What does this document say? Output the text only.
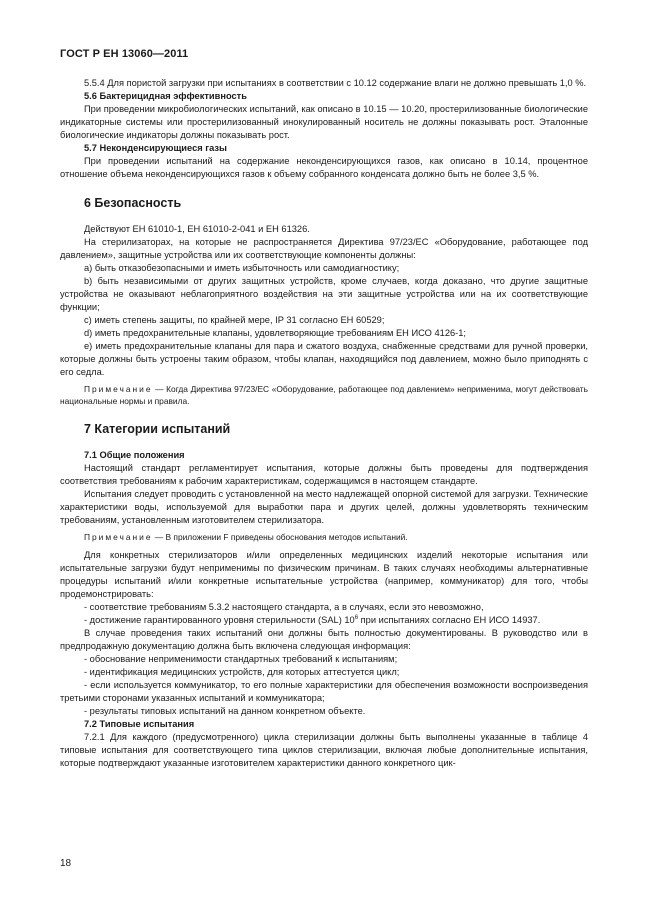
ГОСТ Р ЕН 13060—2011

5.5.4 Для пористой загрузки при испытаниях в соответствии с 10.12 содержание влаги не должно превышать 1,0 %.

5.6 Бактерицидная эффективность

При проведении микробиологических испытаний, как описано в 10.15 — 10.20, простерилизованные биологические индикаторные системы или простерилизованный инокулированный носитель не должны показывать рост. Эталонные биологические индикаторы должны показывать рост.

5.7 Неконденсирующиеся газы

При проведении испытаний на содержание неконденсирующихся газов, как описано в 10.14, процентное отношение объема неконденсирующихся газов к объему собранного конденсата должно быть не более 3,5 %.

6 Безопасность

Действуют ЕН 61010-1, ЕН 61010-2-041 и ЕН 61326.

На стерилизаторах, на которые не распространяется Директива 97/23/ЕС «Оборудование, работающее под давлением», защитные устройства или их соответствующие компоненты должны:

a) быть отказобезопасными и иметь избыточность или самодиагностику;

b) быть независимыми от других защитных устройств, кроме случаев, когда доказано, что другие защитные устройства не оказывают неблагоприятного воздействия на эти защитные устройства или на их соответствующие функции;

c) иметь степень защиты, по крайней мере, IP 31 согласно ЕН 60529;

d) иметь предохранительные клапаны, удовлетворяющие требованиям ЕН ИСО 4126-1;

e) иметь предохранительные клапаны для пара и сжатого воздуха, снабженные средствами для ручной проверки, которые должны быть устроены таким образом, чтобы клапан, находящийся под давлением, можно было приподнять с его седла.

Примечание — Когда Директива 97/23/ЕС «Оборудование, работающее под давлением» неприменима, могут действовать национальные нормы и правила.

7 Категории испытаний

7.1 Общие положения

Настоящий стандарт регламентирует испытания, которые должны быть проведены для подтверждения соответствия требованиям к рабочим характеристикам, содержащимся в настоящем стандарте.

Испытания следует проводить с установленной на место надлежащей опорной системой для загрузки. Технические характеристики воды, используемой для выработки пара и других целей, должны удовлетворять техническим требованиям, установленным изготовителем стерилизатора.

Примечание — В приложении F приведены обоснования методов испытаний.

Для конкретных стерилизаторов и/или определенных медицинских изделий некоторые испытания или испытательные загрузки будут неприменимы по физическим причинам. В таких случаях необходимы альтернативные процедуры испытаний и/или конкретные испытательные устройства (например, коммуникатор) для того, чтобы продемонстрировать:

- соответствие требованиям 5.3.2 настоящего стандарта, а в случаях, если это невозможно,

- достижение гарантированного уровня стерильности (SAL) $10^6$ при испытаниях согласно ЕН ИСО 14937.

В случае проведения таких испытаний они должны быть полностью документированы. В руководство или в предпродажную документацию должна быть включена следующая информация:

- обоснование неприменимости стандартных требований к испытаниям;

- идентификация медицинских устройств, для которых аттестуется цикл;

- если используется коммуникатор, то его полные характеристики для обеспечения возможности воспроизведения третьими сторонами указанных испытаний и коммуникатора;

- результаты типовых испытаний на данном конкретном объекте.

7.2 Типовые испытания

7.2.1 Для каждого (предусмотренного) цикла стерилизации должны быть выполнены указанные в таблице 4 типовые испытания для соответствующего типа циклов стерилизации, включая любые дополнительные испытания, которые подтверждают указанные изготовителем характеристики данного конкретного цик-

18
